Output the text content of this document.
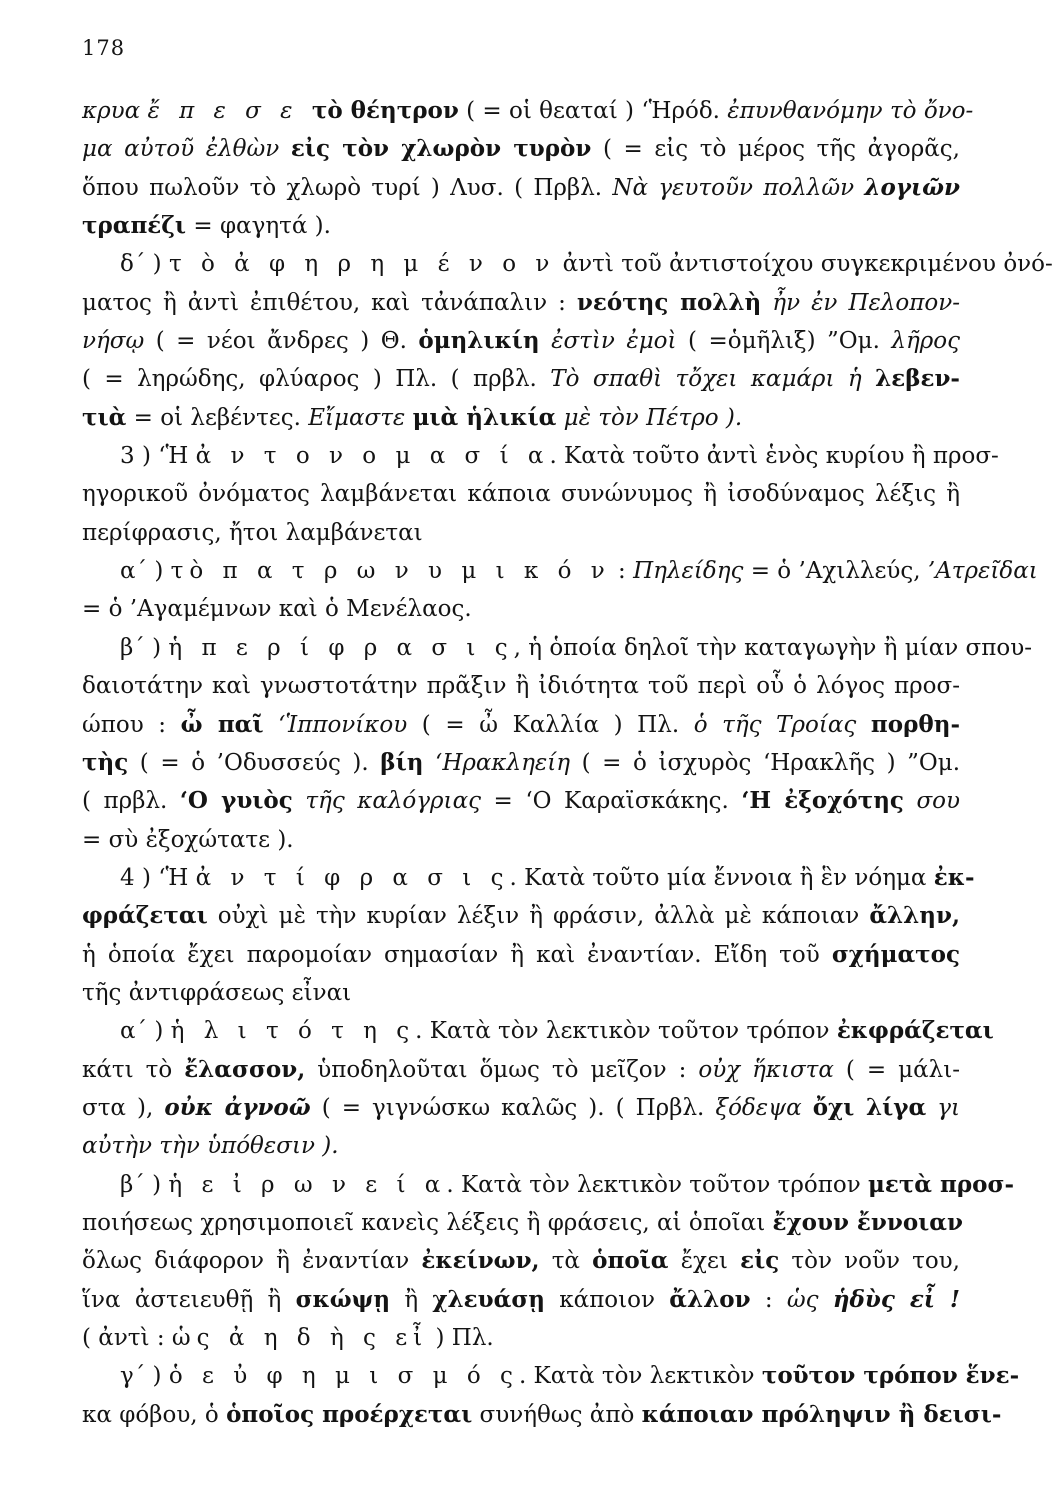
178
κρυα ἔ π ε σ ε τὸ θέητρον ( = οἱ θεαταί ) ‘Ἡρόδ. ἐπυνθανόμην τὸ ὄνο-
μα αὐτοῦ ἐλθὼν εἰς τὸν χλωρὸν τυρὸν ( = εἰς τὸ μέρος τῆς ἀγορᾶς,
ὅπου πωλοῦν τὸ χλωρὸ τυρί ) Λυσ. ( Πρβλ. Νὰ γευτοῦν πολλῶν λογιῶν
τραπέζι = φαγητά ).
δ΄ ) τ ὸ ἀ φ η ρ η μ έ ν ο ν ἀντὶ τοῦ ἀντιστοίχου συγκεκριμένου ὀνό-
ματος ἢ ἀντὶ ἐπιθέτου, καὶ τἀνάπαλιν : νεότης πολλὴ ἦν ἐν Πελοπον-
νήσῳ ( = νέοι ἄνδρες ) Θ. ὁμηλικίη ἐστὶν ἐμοὶ ( =ὁμῆλιξ) ”Ομ. λῆρος
( = ληρώδης, φλύαρος ) Πλ. ( πρβλ. Τὸ σπαθὶ τὄχει καμάρι ἡ λεβεν-
τιὰ = οἱ λεβέντες. Εἴμαστε μιὰ ἡλικία μὲ τὸν Πέτρο ).
3 ) ‘Ἡ ἀ ν τ ο ν ο μ α σ ί α. Κατὰ τοῦτο ἀντὶ ἑνὸς κυρίου ἢ προσ-
ηγορικοῦ ὀνόματος λαμβάνεται κάποια συνώνυμος ἢ ἰσοδύναμος λέξις ἢ
περίφρασις, ἤτοι λαμβάνεται
α΄ ) τὸ π α τ ρ ω ν υ μ ι κ ό ν : Πηλείδης = ὁ ’Αχιλλεύς, ’Ατρεῖδαι
= ὁ ’Αγαμέμνων καὶ ὁ Μενέλαος.
β΄ ) ἡ π ε ρ ί φ ρ α σ ι ς, ἡ ὁποία δηλοῖ τὴν καταγωγὴν ἢ μίαν σπου-
δαιοτάτην καὶ γνωστοτάτην πρᾶξιν ἢ ἰδιότητα τοῦ περὶ οὗ ὁ λόγος προσ-
ώπου : ὦ παῖ ‘Ἱππονίκου ( = ὦ Καλλία ) Πλ. ὁ τῆς Τροίας πορθη-
τὴς ( = ὁ ’Οδυσσεύς ). βίη ‘Ηρακληείη ( = ὁ ἰσχυρὸς ‘Ηρακλῆς ) ”Ομ.
( πρβλ. ‘Ο γυιὸς τῆς καλόγριας = ‘Ο Καραϊσκάκης. ‘Η ἐξοχότης σου
= σὺ ἐξοχώτατε ).
4 ) ‘Ἡ ἀ ν τ ί φ ρ α σ ι ς. Κατὰ τοῦτο μία ἔννοια ἢ ἓν νόημα ἐκ-
φράζεται οὐχὶ μὲ τὴν κυρίαν λέξιν ἢ φράσιν, ἀλλὰ μὲ κάποιαν ἄλλην,
ἡ ὁποία ἔχει παρομοίαν σημασίαν ἢ καὶ ἐναντίαν. Εἴδη τοῦ σχήματος
τῆς ἀντιφράσεως εἶναι
α΄ ) ἡ λ ι τ ό τ η ς. Κατὰ τὸν λεκτικὸν τοῦτον τρόπον ἐκφράζεται
κάτι τὸ ἔλασσον, ὑποδηλοῦται ὅμως τὸ μεῖζον : οὐχ ἥκιστα ( = μάλι-
στα ), οὐκ ἀγνοῶ ( = γιγνώσκω καλῶς ). ( Πρβλ. ξόδεψα ὄχι λίγα γι
αὐτὴν τὴν ὑπόθεσιν ).
β΄ ) ἡ ε ἰ ρ ω ν ε ί α. Κατὰ τὸν λεκτικὸν τοῦτον τρόπον μετὰ προσ-
ποιήσεως χρησιμοποιεῖ κανεὶς λέξεις ἢ φράσεις, αἱ ὁποῖαι ἔχουν ἔννοιαν
ὅλως διάφορον ἢ ἐναντίαν ἐκείνων, τὰ ὁποῖα ἔχει εἰς τὸν νοῦν του,
ἵνα ἀστειευθῇ ἢ σκώψῃ ἢ χλευάσῃ κάποιον ἄλλον : ὡς ἡδὺς εἶ !
( ἀντὶ : ὡς ἀ η δ ὴ ς εἶ ) Πλ.
γ΄ ) ὁ ε ὐ φ η μ ι σ μ ό ς. Κατὰ τὸν λεκτικὸν τοῦτον τρόπον ἕνε-
κα φόβου, ὁ ὁποῖος προέρχεται συνήθως ἀπὸ κάποιαν πρόληψιν ἢ δεισι-
